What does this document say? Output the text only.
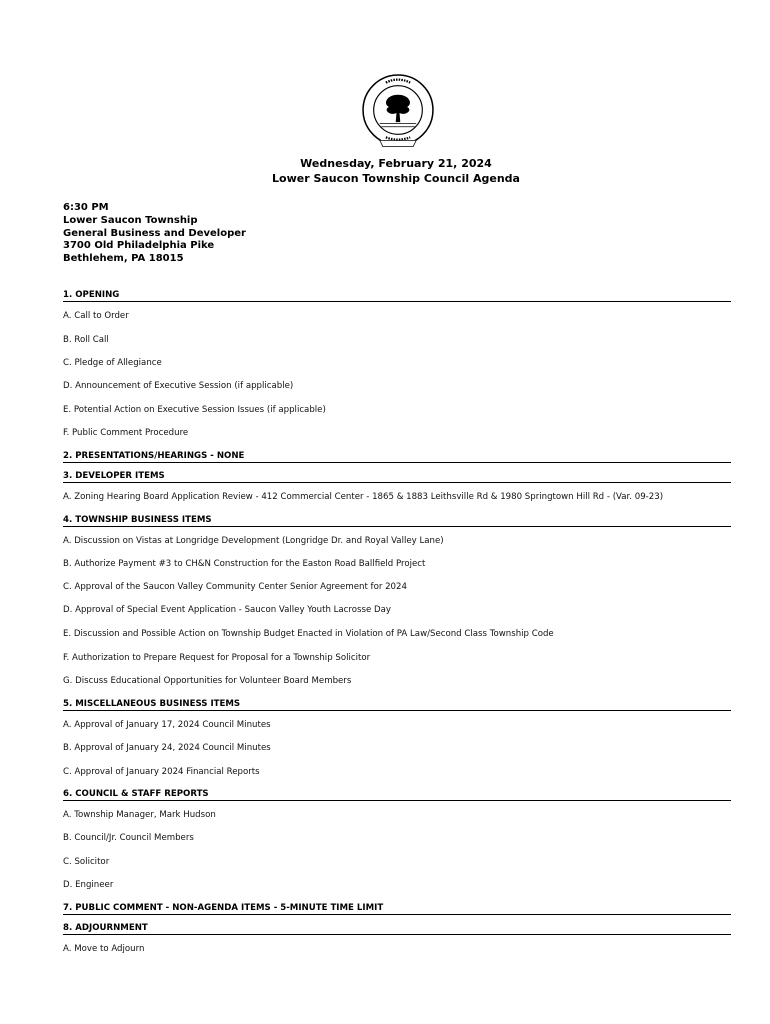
Wednesday, February 21, 2024
Lower Saucon Township Council Agenda
6:30 PM
Lower Saucon Township
General Business and Developer
3700 Old Philadelphia Pike
Bethlehem, PA 18015
1. OPENING
A. Call to Order
B. Roll Call
C. Pledge of Allegiance
D. Announcement of Executive Session (if applicable)
E. Potential Action on Executive Session Issues (if applicable)
F. Public Comment Procedure
2. PRESENTATIONS/HEARINGS - NONE
3. DEVELOPER ITEMS
A. Zoning Hearing Board Application Review - 412 Commercial Center - 1865 & 1883 Leithsville Rd & 1980 Springtown Hill Rd - (Var. 09-23)
4. TOWNSHIP BUSINESS ITEMS
A. Discussion on Vistas at Longridge Development (Longridge Dr. and Royal Valley Lane)
B. Authorize Payment #3 to CH&N Construction for the Easton Road Ballfield Project
C. Approval of the Saucon Valley Community Center Senior Agreement for 2024
D. Approval of Special Event Application - Saucon Valley Youth Lacrosse Day
E. Discussion and Possible Action on Township Budget Enacted in Violation of PA Law/Second Class Township Code
F. Authorization to Prepare Request for Proposal for a Township Solicitor
G. Discuss Educational Opportunities for Volunteer Board Members
5. MISCELLANEOUS BUSINESS ITEMS
A. Approval of January 17, 2024 Council Minutes
B. Approval of January 24, 2024 Council Minutes
C. Approval of January 2024 Financial Reports
6. COUNCIL & STAFF REPORTS
A. Township Manager, Mark Hudson
B. Council/Jr. Council Members
C. Solicitor
D. Engineer
7. PUBLIC COMMENT - NON-AGENDA ITEMS - 5-MINUTE TIME LIMIT
8. ADJOURNMENT
A. Move to Adjourn
